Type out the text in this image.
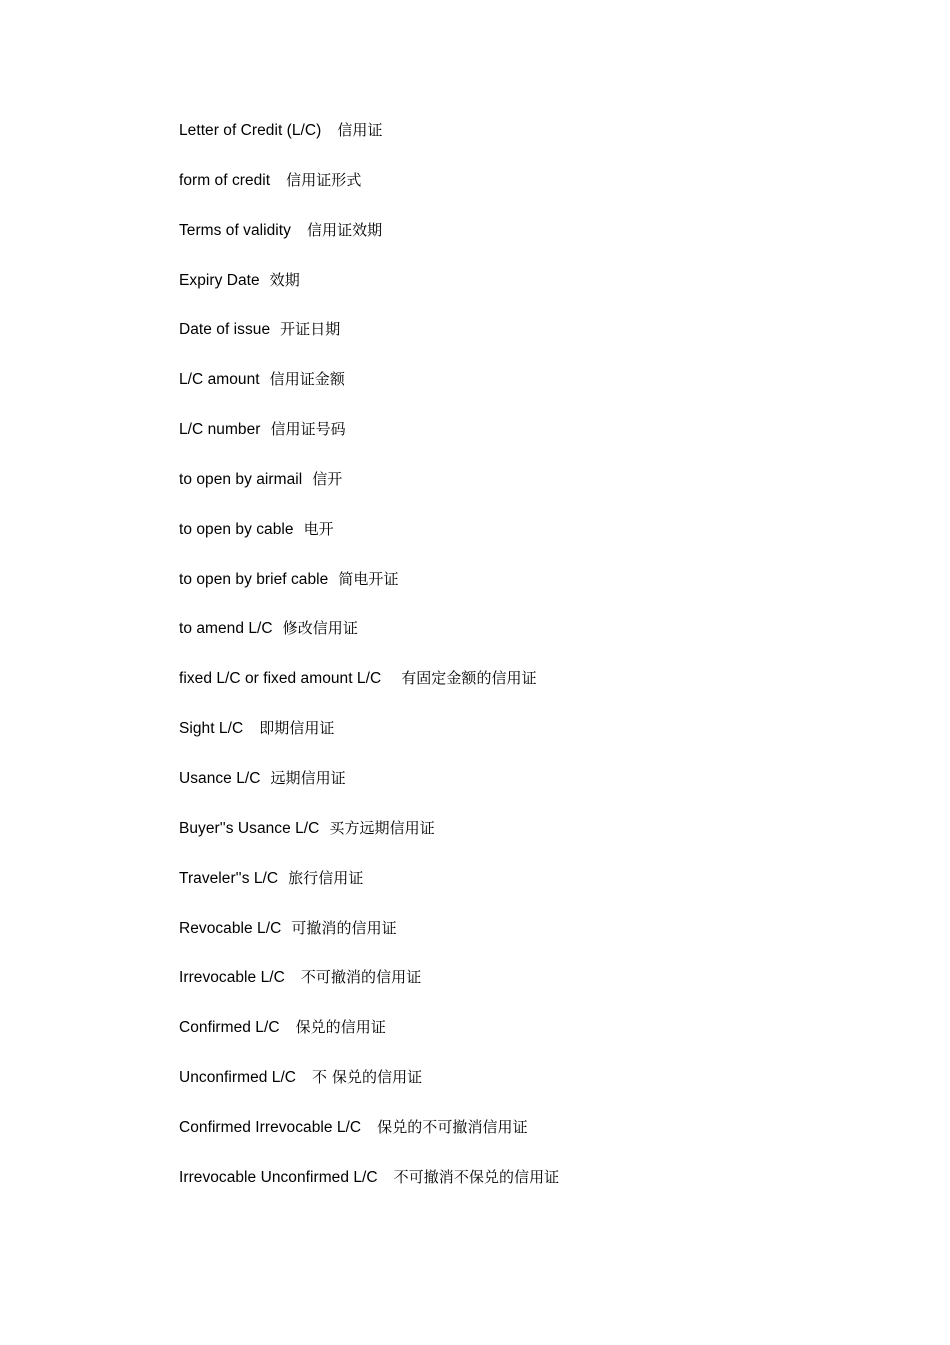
Letter of Credit (L/C) 信用证
form of credit 信用证形式
Terms of validity 信用证效期
Expiry Date 效期
Date of issue 开证日期
L/C amount 信用证金额
L/C number 信用证号码
to open by airmail 信开
to open by cable 电开
to open by brief cable 简电开证
to amend L/C 修改信用证
fixed L/C or fixed amount L/C 有固定金额的信用证
Sight L/C 即期信用证
Usance L/C 远期信用证
Buyer''s Usance L/C 买方远期信用证
Traveler''s L/C 旅行信用证
Revocable L/C 可撤消的信用证
Irrevocable L/C 不可撤消的信用证
Confirmed L/C 保兑的信用证
Unconfirmed L/C 不 保兑的信用证
Confirmed Irrevocable L/C 保兑的不可撤消信用证
Irrevocable Unconfirmed L/C 不可撤消不保兑的信用证
